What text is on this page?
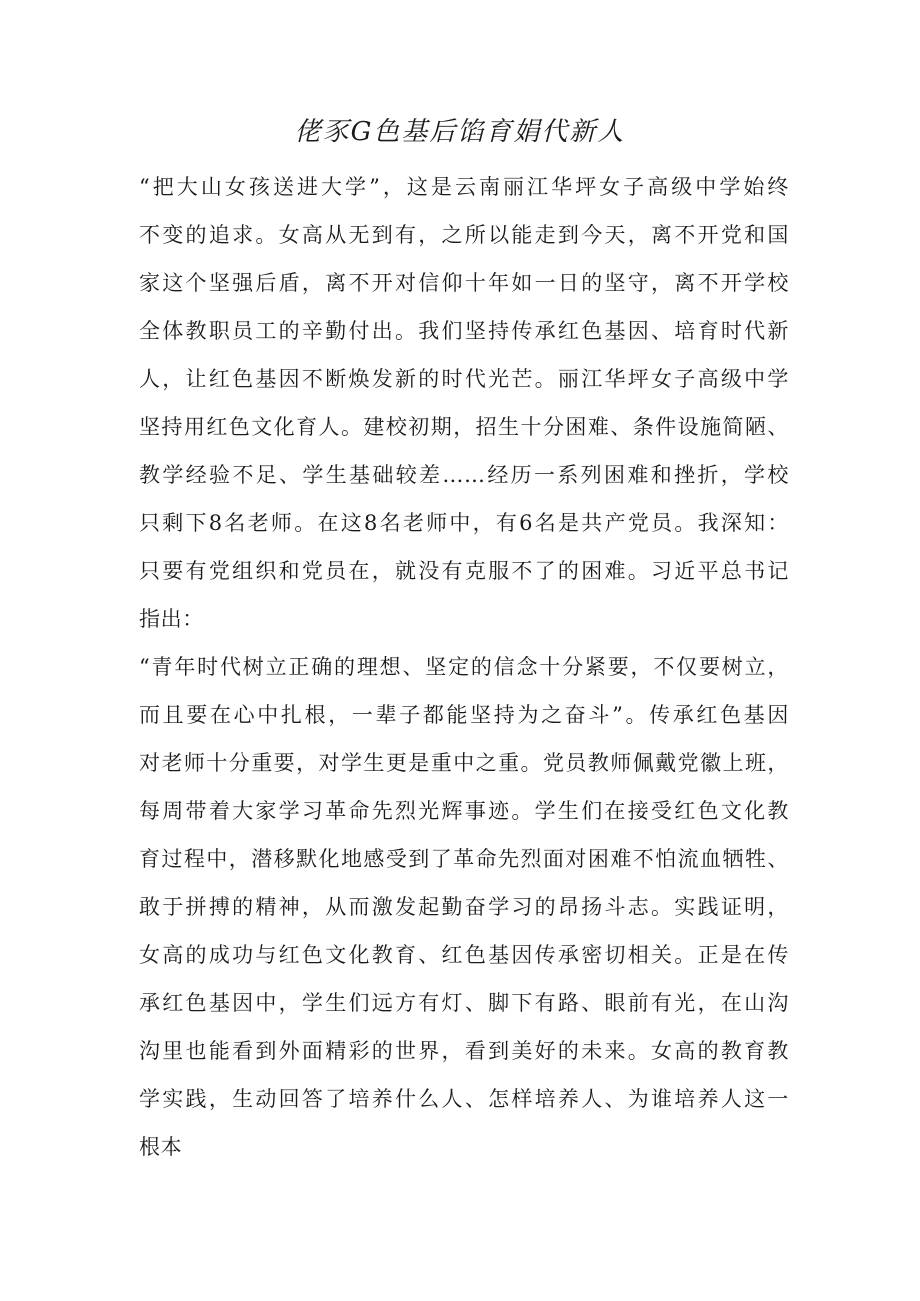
佬豕G色基后馅育娟代新人
“把大山女孩送进大学”，这是云南丽江华坪女子高级中学始终
不变的追求。女高从无到有，之所以能走到今天，离不开党和国
家这个坚强后盾，离不开对信仰十年如一日的坚守，离不开学校
全体教职员工的辛勤付出。我们坚持传承红色基因、培育时代新
人，让红色基因不断焕发新的时代光芒。丽江华坪女子高级中学
坚持用红色文化育人。建校初期，招生十分困难、条件设施简陋、
教学经验不足、学生基础较差……经历一系列困难和挫折，学校
只剩下8名老师。在这8名老师中，有6名是共产党员。我深知：
只要有党组织和党员在，就没有克服不了的困难。习近平总书记
指出：
“青年时代树立正确的理想、坚定的信念十分紧要，不仅要树立，
而且要在心中扎根，一辈子都能坚持为之奋斗”。传承红色基因
对老师十分重要，对学生更是重中之重。党员教师佩戴党徽上班，
每周带着大家学习革命先烈光辉事迹。学生们在接受红色文化教
育过程中，潜移默化地感受到了革命先烈面对困难不怕流血牺牲、
敢于拼搏的精神，从而激发起勤奋学习的昂扬斗志。实践证明，
女高的成功与红色文化教育、红色基因传承密切相关。正是在传
承红色基因中，学生们远方有灯、脚下有路、眼前有光，在山沟
沟里也能看到外面精彩的世界，看到美好的未来。女高的教育教
学实践，生动回答了培养什么人、怎样培养人、为谁培养人这一
根本
